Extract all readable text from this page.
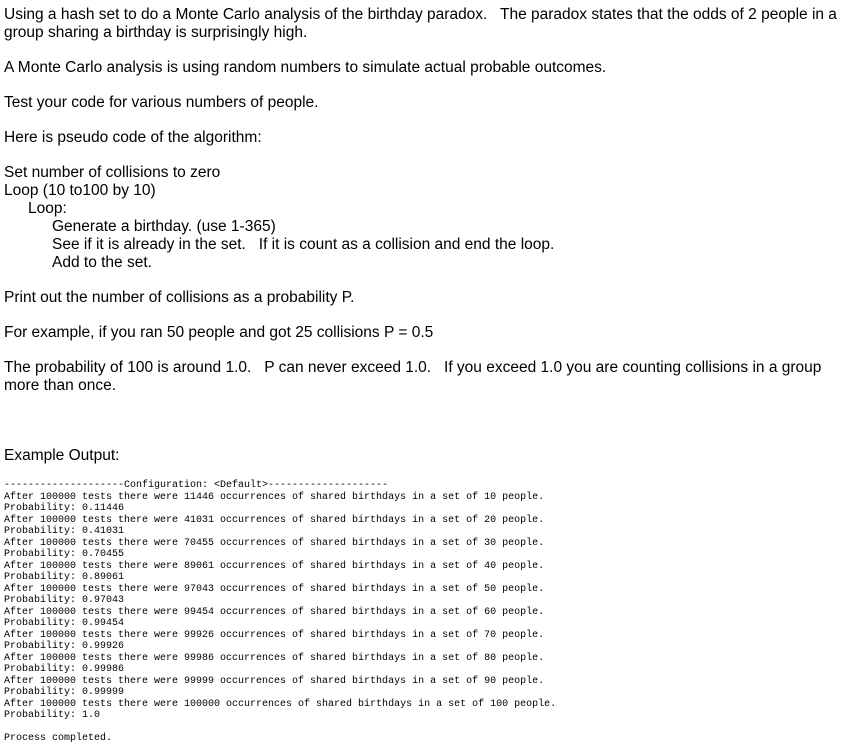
Using a hash set to do a Monte Carlo analysis of the birthday paradox.   The paradox states that the odds of 2 people in a group sharing a birthday is surprisingly high.

A Monte Carlo analysis is using random numbers to simulate actual probable outcomes.

Test your code for various numbers of people.

Here is pseudo code of the algorithm:

Set number of collisions to zero

Loop (10 to100 by 10)

Loop:

Generate a birthday. (use 1-365)

See if it is already in the set.   If it is count as a collision and end the loop.

Add to the set.

Print out the number of collisions as a probability P.

For example, if you ran 50 people and got 25 collisions P = 0.5

The probability of 100 is around 1.0.   P can never exceed 1.0.   If you exceed 1.0 you are counting collisions in a group more than once.

Example Output:

--------------------Configuration: <Default>--------------------
After 100000 tests there were 11446 occurrences of shared birthdays in a set of 10 people.
Probability: 0.11446
After 100000 tests there were 41031 occurrences of shared birthdays in a set of 20 people.
Probability: 0.41031
After 100000 tests there were 70455 occurrences of shared birthdays in a set of 30 people.
Probability: 0.70455
After 100000 tests there were 89061 occurrences of shared birthdays in a set of 40 people.
Probability: 0.89061
After 100000 tests there were 97043 occurrences of shared birthdays in a set of 50 people.
Probability: 0.97043
After 100000 tests there were 99454 occurrences of shared birthdays in a set of 60 people.
Probability: 0.99454
After 100000 tests there were 99926 occurrences of shared birthdays in a set of 70 people.
Probability: 0.99926
After 100000 tests there were 99986 occurrences of shared birthdays in a set of 80 people.
Probability: 0.99986
After 100000 tests there were 99999 occurrences of shared birthdays in a set of 90 people.
Probability: 0.99999
After 100000 tests there were 100000 occurrences of shared birthdays in a set of 100 people.
Probability: 1.0
Process completed.
